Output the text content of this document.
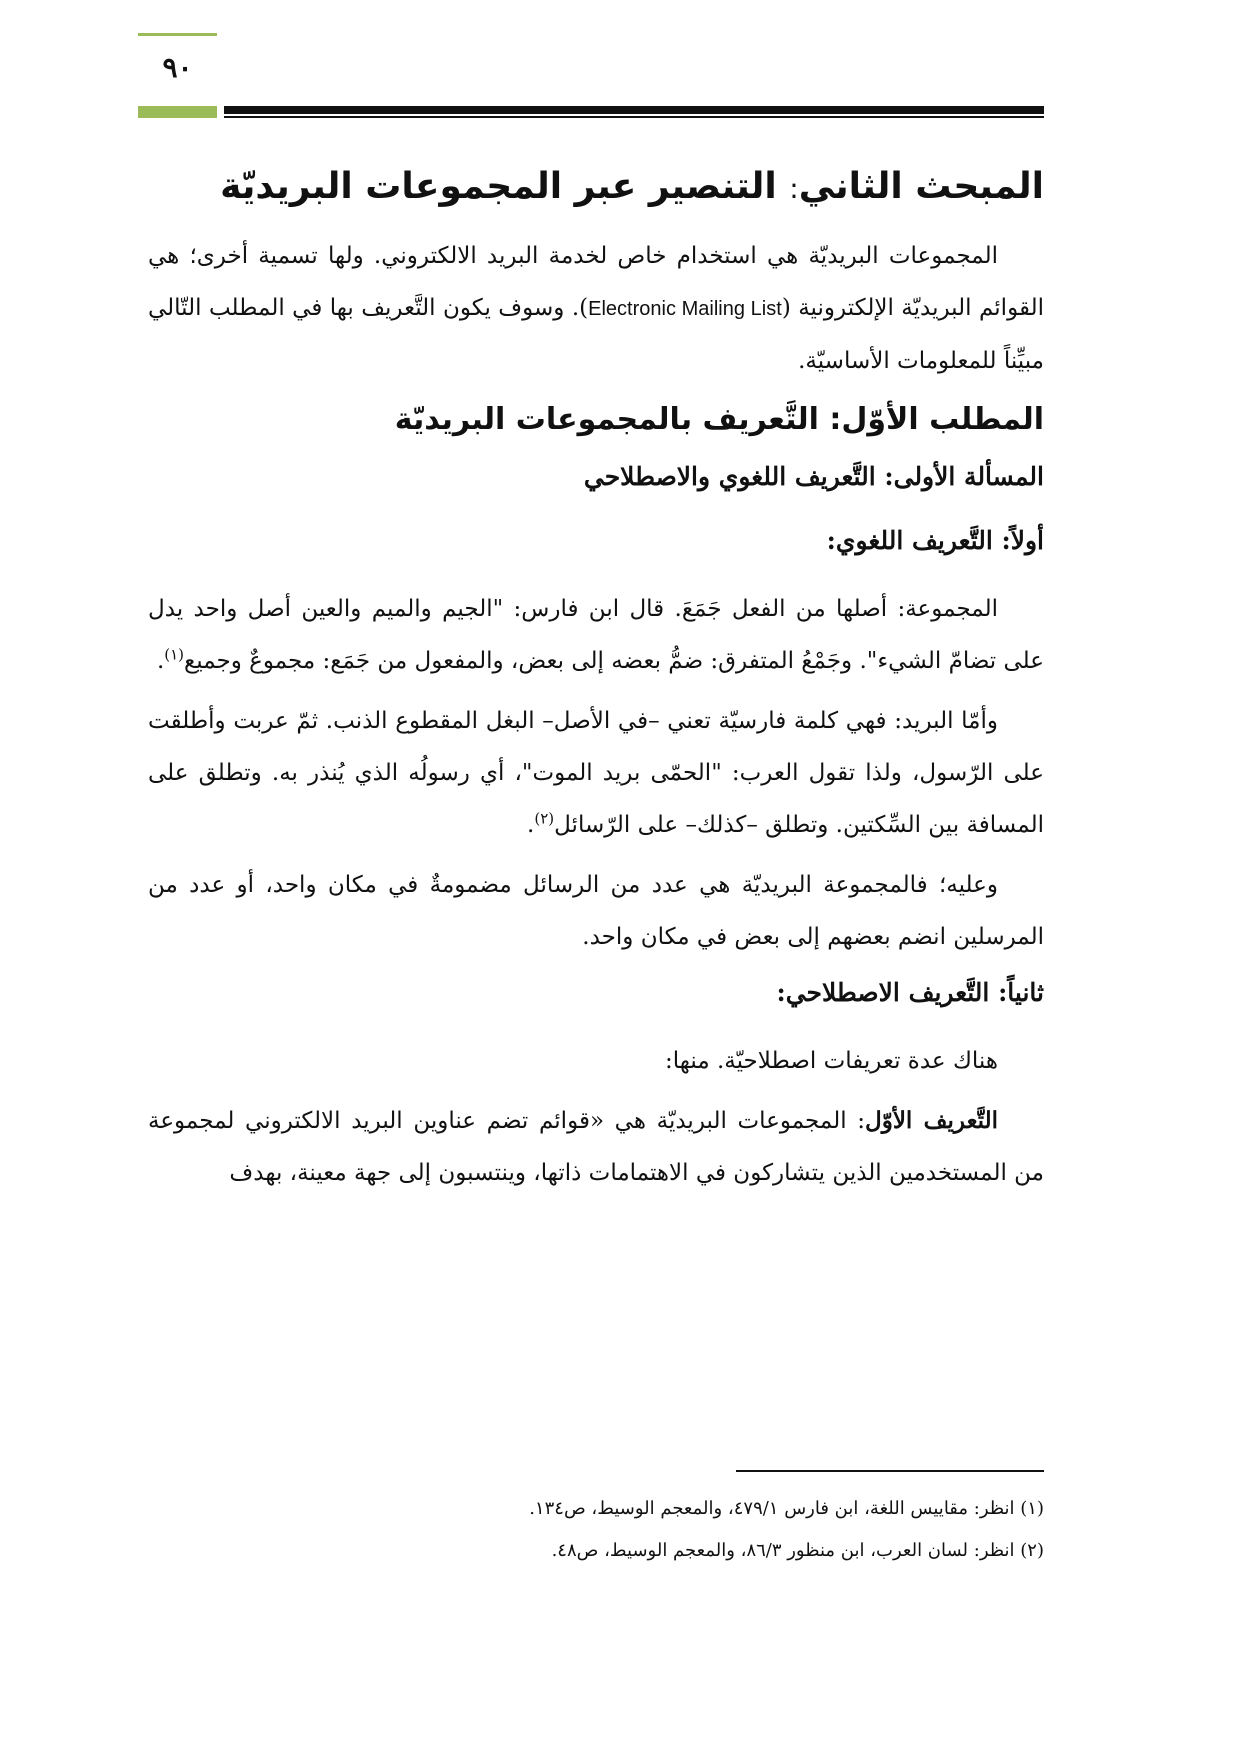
٩٠
المبحث الثاني: التنصير عبر المجموعات البريديّة

المجموعات البريديّة هي استخدام خاص لخدمة البريد الالكتروني. ولها تسمية أخرى؛ هي القوائم البريديّة الإلكترونية (Electronic Mailing List). وسوف يكون التَّعريف بها في المطلب التّالي مبيِّناً للمعلومات الأساسيّة.

المطلب الأوّل: التَّعريف بالمجموعات البريديّة
المسألة الأولى: التَّعريف اللغوي والاصطلاحي
أولاً: التَّعريف اللغوي:

المجموعة: أصلها من الفعل جَمَعَ. قال ابن فارس: "الجيم والميم والعين أصل واحد يدل على تضامّ الشيء". وجَمْعُ المتفرق: ضمُّ بعضه إلى بعض، والمفعول من جَمَع: مجموعٌ وجميع$^{(١)}$.

وأمّا البريد: فهي كلمة فارسيّة تعني –في الأصل– البغل المقطوع الذنب. ثمّ عربت وأطلقت على الرّسول، ولذا تقول العرب: "الحمّى بريد الموت"، أي رسولُه الذي يُنذر به. وتطلق على المسافة بين السِّكتين. وتطلق –كذلك– على الرّسائل$^{(٢)}$.

وعليه؛ فالمجموعة البريديّة هي عدد من الرسائل مضمومةٌ في مكان واحد، أو عدد من المرسلين انضم بعضهم إلى بعض في مكان واحد.

ثانياً: التَّعريف الاصطلاحي:

هناك عدة تعريفات اصطلاحيّة. منها:

التَّعريف الأوّل: المجموعات البريديّة هي «قوائم تضم عناوين البريد الالكتروني لمجموعة من المستخدمين الذين يتشاركون في الاهتمامات ذاتها، وينتسبون إلى جهة معينة، بهدف

(١) انظر: مقاييس اللغة، ابن فارس ٤٧٩/١، والمعجم الوسيط، ص١٣٤.

(٢) انظر: لسان العرب، ابن منظور ٨٦/٣، والمعجم الوسيط، ص٤٨.
